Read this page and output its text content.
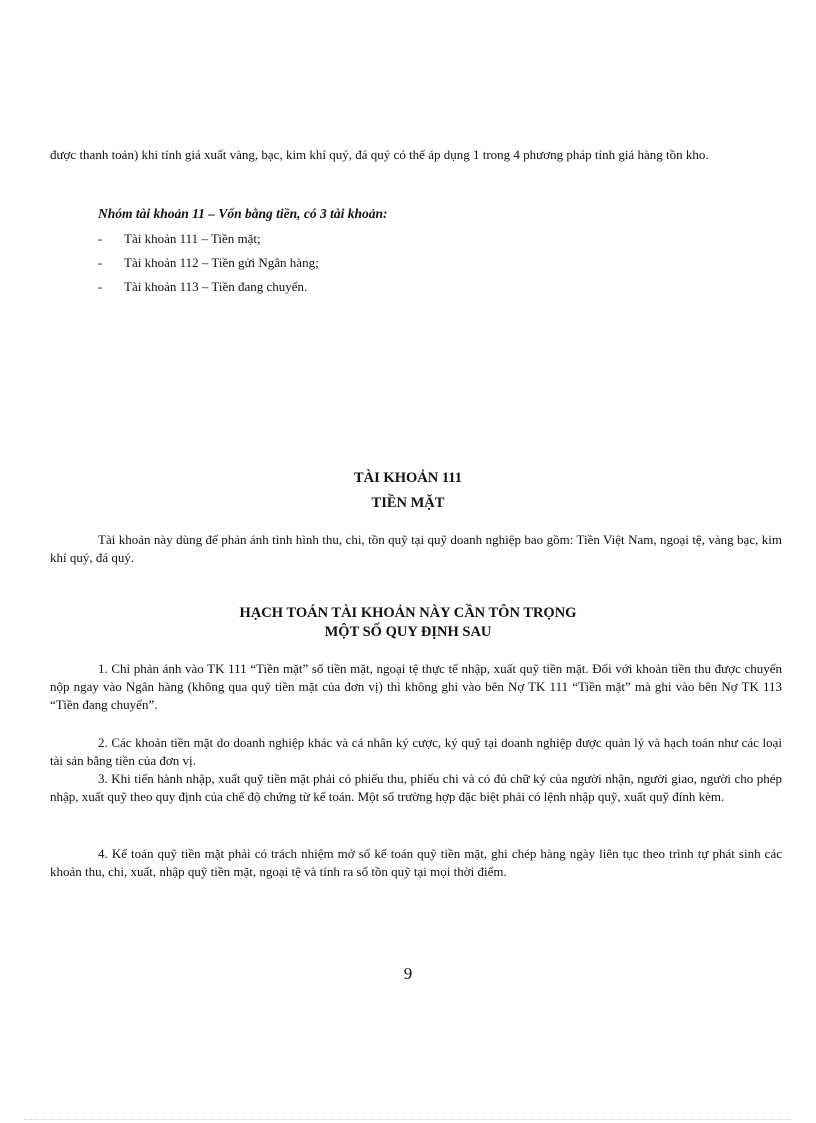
được thanh toán) khi tính giá xuất vàng, bạc, kim khí quý, đá quý có thể áp dụng 1 trong 4 phương pháp tính giá hàng tồn kho.

Nhóm tài khoản 11 – Vốn bằng tiền, có 3 tài khoản:
-	Tài khoản 111 – Tiền mặt;
-	Tài khoản 112 – Tiền gửi Ngân hàng;
-	Tài khoản 113 – Tiền đang chuyển.
TÀI KHOẢN 111
TIỀN MẶT

Tài khoản này dùng để phản ánh tình hình thu, chi, tồn quỹ tại quỹ doanh nghiệp bao gồm: Tiền Việt Nam, ngoại tệ, vàng bạc, kim khí quý, đá quý.

HẠCH TOÁN TÀI KHOẢN NÀY CẦN TÔN TRỌNG
MỘT SỐ QUY ĐỊNH SAU

1. Chỉ phản ánh vào TK 111 “Tiền mặt” số tiền mặt, ngoại tệ thực tế nhập, xuất quỹ tiền mặt. Đối với khoản tiền thu được chuyển nộp ngay vào Ngân hàng (không qua quỹ tiền mặt của đơn vị) thì không ghi vào bên Nợ TK 111 “Tiền mặt” mà ghi vào bên Nợ TK 113 “Tiền đang chuyển”.

2. Các khoản tiền mặt do doanh nghiệp khác và cá nhân ký cược, ký quỹ tại doanh nghiệp được quản lý và hạch toán như các loại tài sản bằng tiền của đơn vị.

3. Khi tiến hành nhập, xuất quỹ tiền mặt phải có phiếu thu, phiếu chi và có đủ chữ ký của người nhận, người giao, người cho phép nhập, xuất quỹ theo quy định của chế độ chứng từ kế toán. Một số trường hợp đặc biệt phải có lệnh nhập quỹ, xuất quỹ đính kèm.

4. Kế toán quỹ tiền mặt phải có trách nhiệm mở sổ kế toán quỹ tiền mặt, ghi chép hàng ngày liên tục theo trình tự phát sinh các khoản thu, chi, xuất, nhập quỹ tiền mặt, ngoại tệ và tính ra số tồn quỹ tại mọi thời điểm.

9
